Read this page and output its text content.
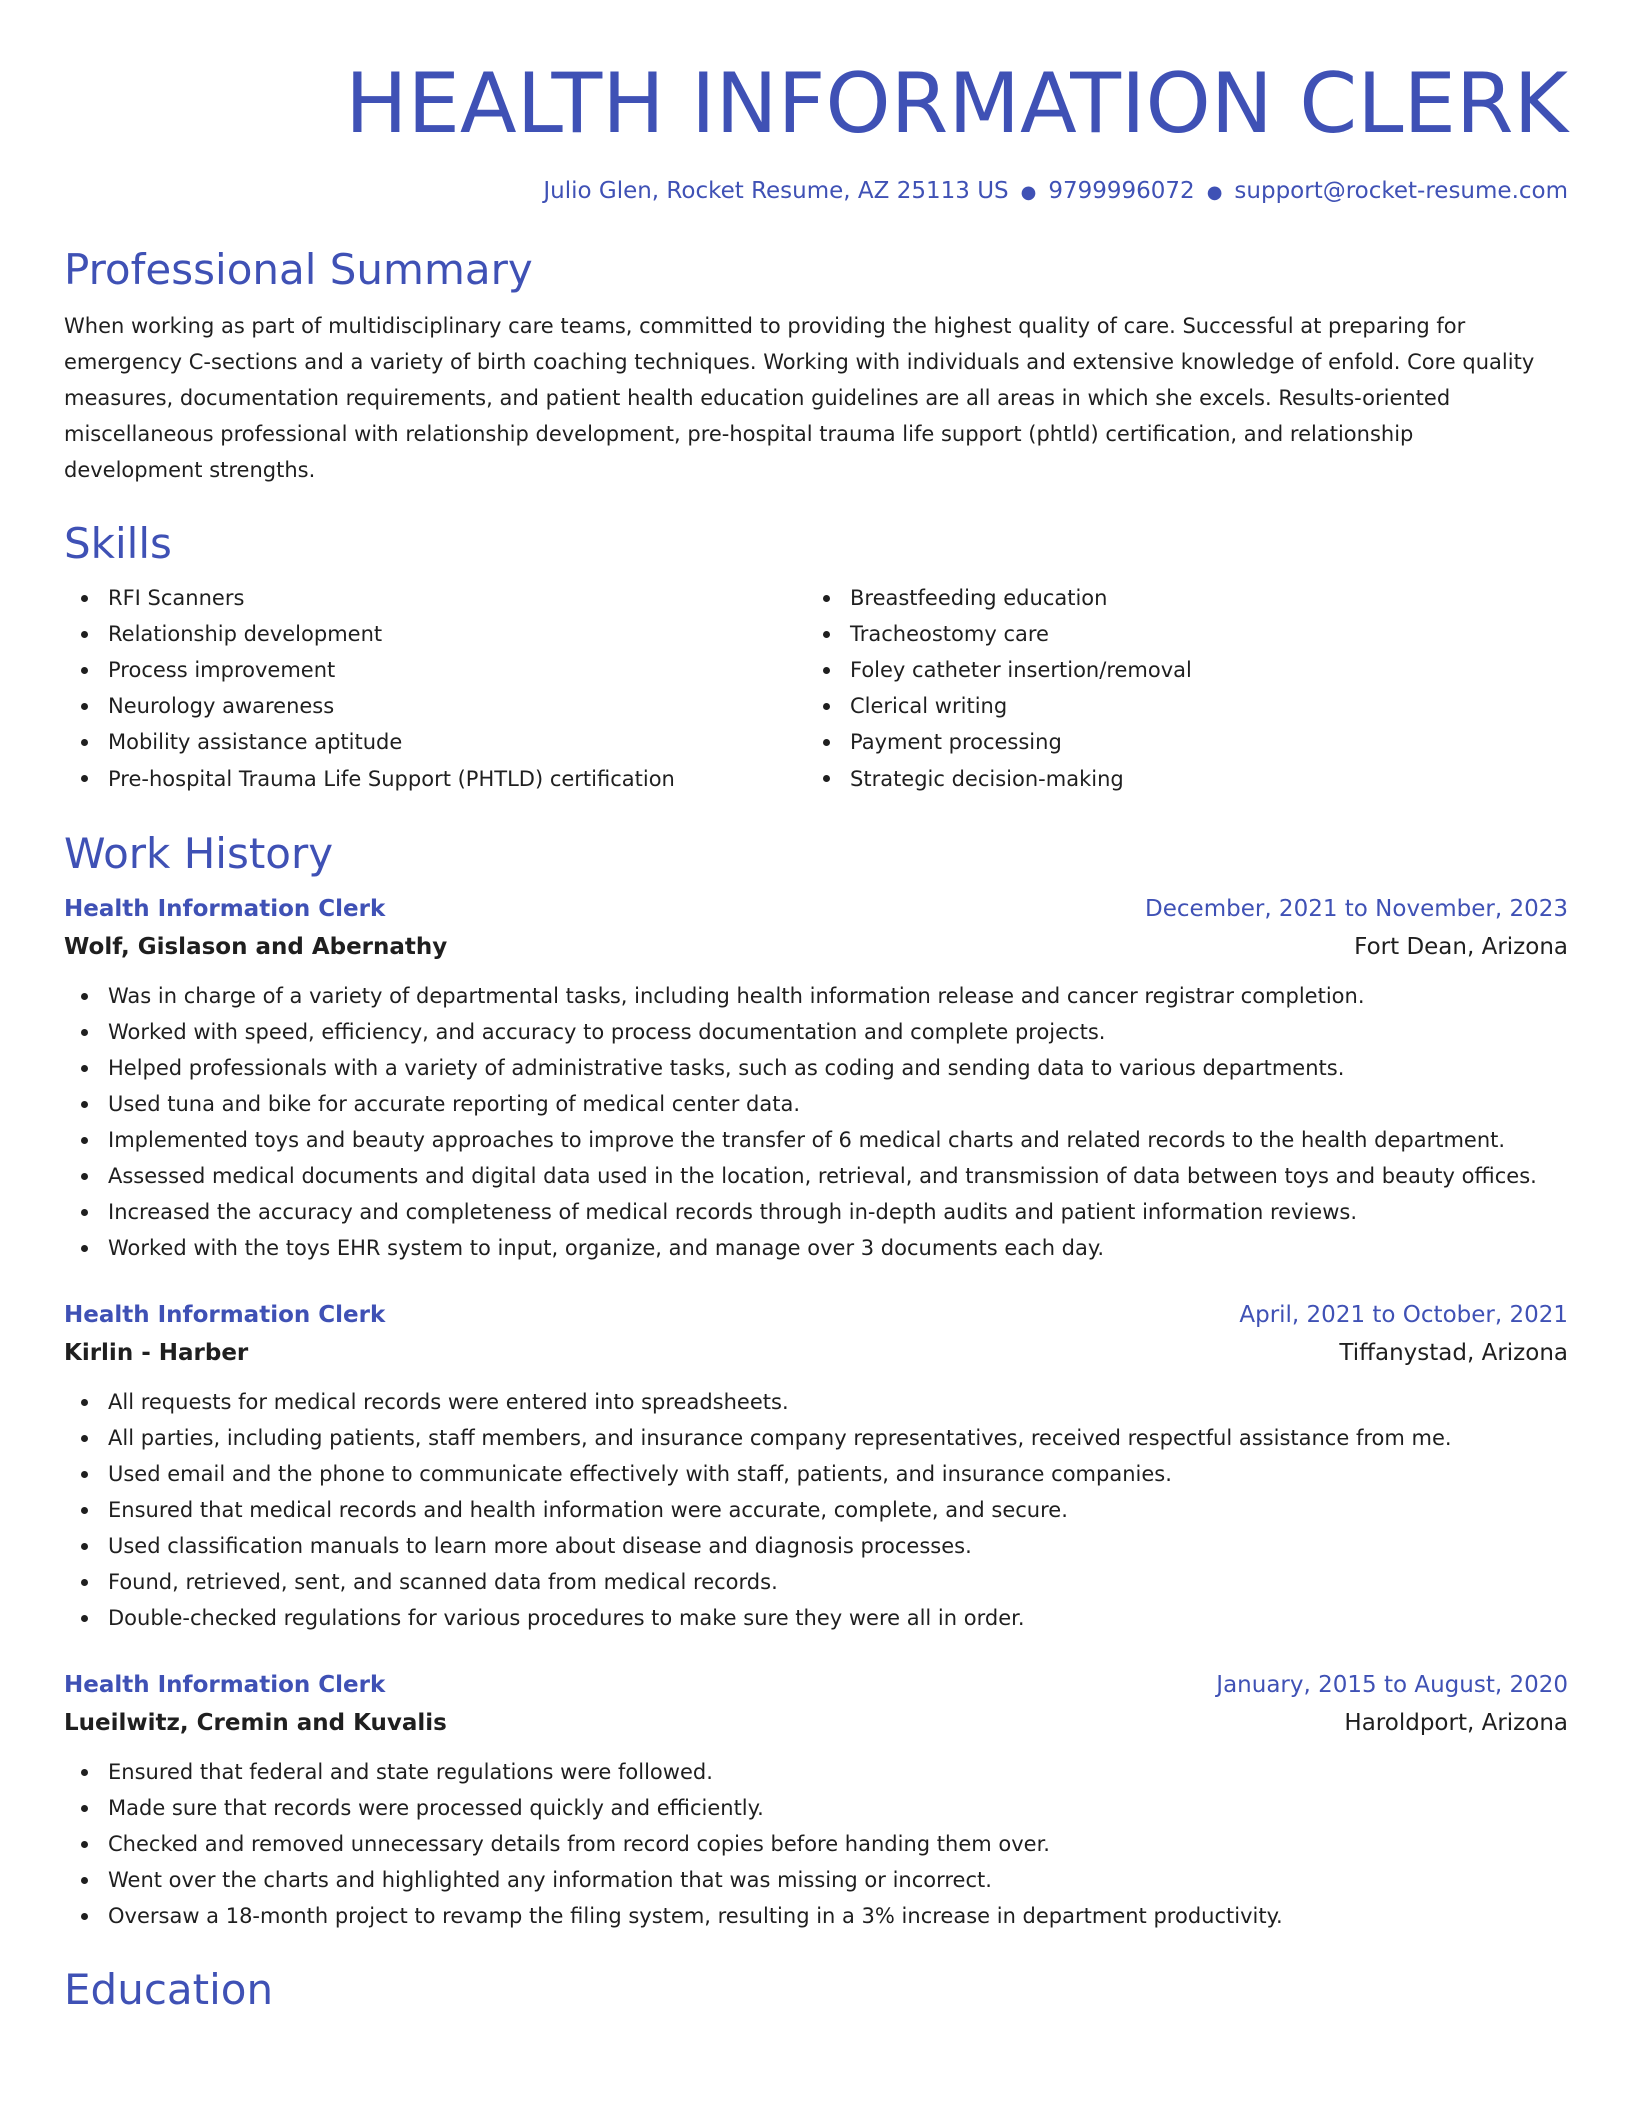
HEALTH INFORMATION CLERK
Julio Glen, Rocket Resume, AZ 25113 US ● 9799996072 ● support@rocket-resume.com
Professional Summary

When working as part of multidisciplinary care teams, committed to providing the highest quality of care. Successful at preparing for emergency C-sections and a variety of birth coaching techniques. Working with individuals and extensive knowledge of enfold. Core quality measures, documentation requirements, and patient health education guidelines are all areas in which she excels. Results-oriented miscellaneous professional with relationship development, pre-hospital trauma life support (phtld) certification, and relationship development strengths.

Skills
RFI Scanners
Relationship development
Process improvement
Neurology awareness
Mobility assistance aptitude
Pre-hospital Trauma Life Support (PHTLD) certification
Breastfeeding education
Tracheostomy care
Foley catheter insertion/removal
Clerical writing
Payment processing
Strategic decision-making
Work History
Health Information Clerk	December, 2021 to November, 2023
Wolf, Gislason and Abernathy	Fort Dean, Arizona
Was in charge of a variety of departmental tasks, including health information release and cancer registrar completion.
Worked with speed, efficiency, and accuracy to process documentation and complete projects.
Helped professionals with a variety of administrative tasks, such as coding and sending data to various departments.
Used tuna and bike for accurate reporting of medical center data.
Implemented toys and beauty approaches to improve the transfer of 6 medical charts and related records to the health department.
Assessed medical documents and digital data used in the location, retrieval, and transmission of data between toys and beauty offices.
Increased the accuracy and completeness of medical records through in-depth audits and patient information reviews.
Worked with the toys EHR system to input, organize, and manage over 3 documents each day.
Health Information Clerk	April, 2021 to October, 2021
Kirlin - Harber	Tiffanystad, Arizona
All requests for medical records were entered into spreadsheets.
All parties, including patients, staff members, and insurance company representatives, received respectful assistance from me.
Used email and the phone to communicate effectively with staff, patients, and insurance companies.
Ensured that medical records and health information were accurate, complete, and secure.
Used classification manuals to learn more about disease and diagnosis processes.
Found, retrieved, sent, and scanned data from medical records.
Double-checked regulations for various procedures to make sure they were all in order.
Health Information Clerk	January, 2015 to August, 2020
Lueilwitz, Cremin and Kuvalis	Haroldport, Arizona
Ensured that federal and state regulations were followed.
Made sure that records were processed quickly and efficiently.
Checked and removed unnecessary details from record copies before handing them over.
Went over the charts and highlighted any information that was missing or incorrect.
Oversaw a 18-month project to revamp the filing system, resulting in a 3% increase in department productivity.
Education
